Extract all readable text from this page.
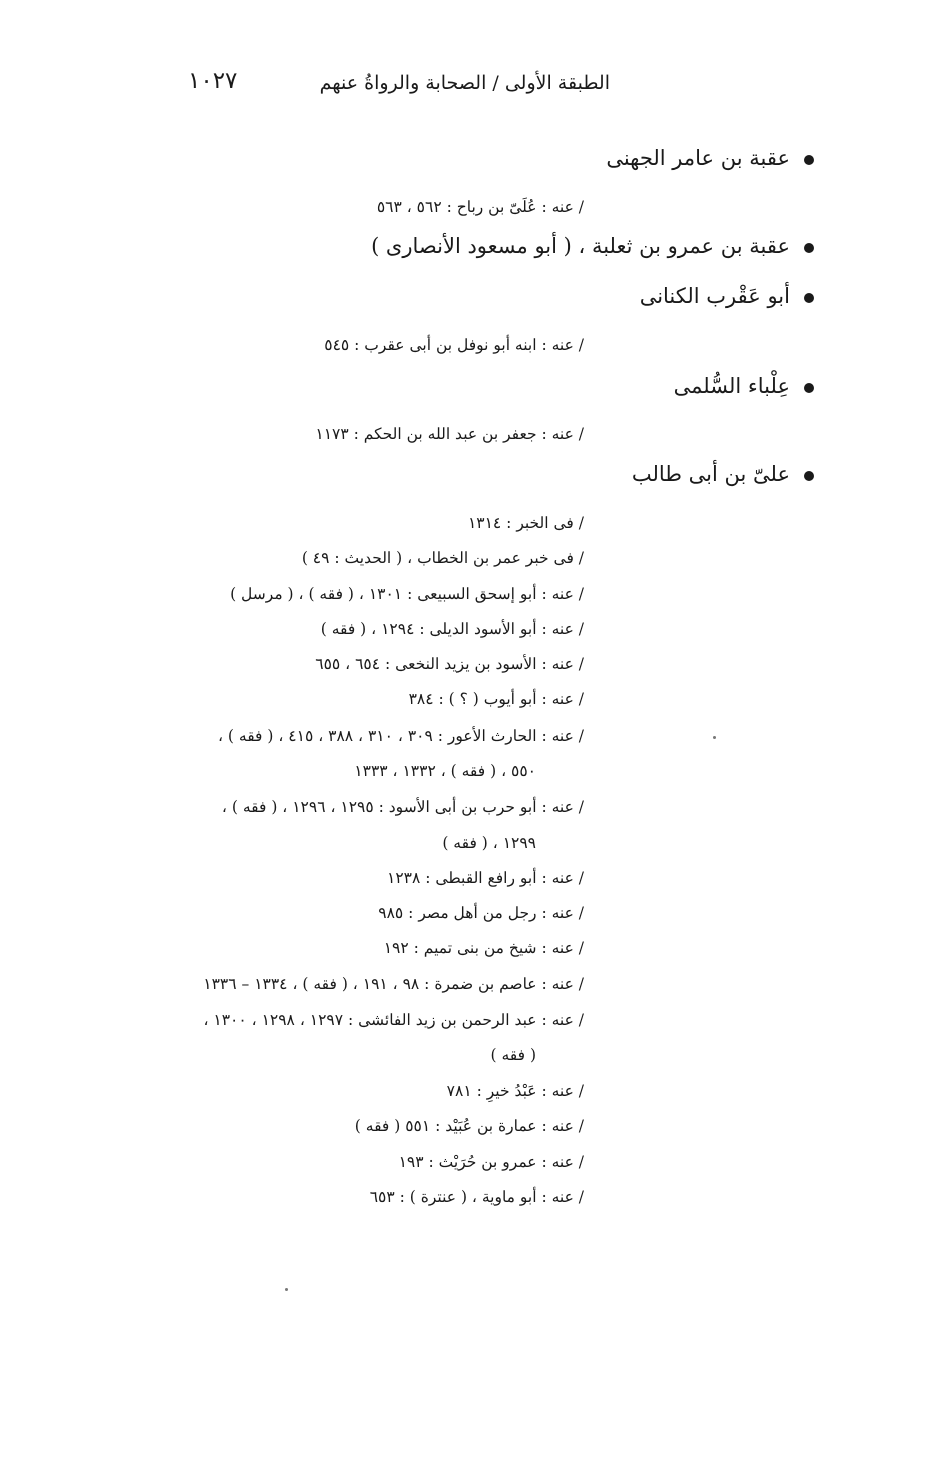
الطبقة الأولى / الصحابة والرواةُ عنهم
١٠٢٧
عقبة بن عامر الجهنى
/ عنه : عُلَىّ بن رباح : ٥٦٢ ، ٥٦٣
عقبة بن عمرو بن ثعلبة ، ( أبو مسعود الأنصارى )
أبو عَقْرب الكنانى
/ عنه : ابنه أبو نوفل بن أبى عقرب : ٥٤٥
عِلْباء السُّلمى
/ عنه : جعفر بن عبد الله بن الحكم : ١١٧٣
علىّ بن أبى طالب
/ فى الخبر : ١٣١٤
/ فى خبر عمر بن الخطاب ، ( الحديث : ٤٩ )
/ عنه : أبو إسحق السبيعى : ١٣٠١ ، ( فقه ) ، ( مرسل )
/ عنه : أبو الأسود الديلى : ١٢٩٤ ، ( فقه )
/ عنه : الأسود بن يزيد النخعى : ٦٥٤ ، ٦٥٥
/ عنه : أبو أيوب ( ؟ ) : ٣٨٤
/ عنه : الحارث الأعور : ٣٠٩ ، ٣١٠ ، ٣٨٨ ، ٤١٥ ، ( فقه ) ،
٥٥٠ ، ( فقه ) ، ١٣٣٢ ، ١٣٣٣
/ عنه : أبو حرب بن أبى الأسود : ١٢٩٥ ، ١٢٩٦ ، ( فقه ) ،
١٢٩٩ ، ( فقه )
/ عنه : أبو رافع القبطى : ١٢٣٨
/ عنه : رجل من أهل مصر : ٩٨٥
/ عنه : شيخ من بنى تميم : ١٩٢
/ عنه : عاصم بن ضمرة : ٩٨ ، ١٩١ ، ( فقه ) ، ١٣٣٤ – ١٣٣٦
/ عنه : عبد الرحمن بن زيد الفائشى : ١٢٩٧ ، ١٢٩٨ ، ١٣٠٠ ،
( فقه )
/ عنه : عَبْدُ خيرِ : ٧٨١
/ عنه : عمارة بن عُبَيْد : ٥٥١ ( فقه )
/ عنه : عمرو بن حُرَيْث : ١٩٣
/ عنه : أبو ماوية ، ( عنترة ) : ٦٥٣
